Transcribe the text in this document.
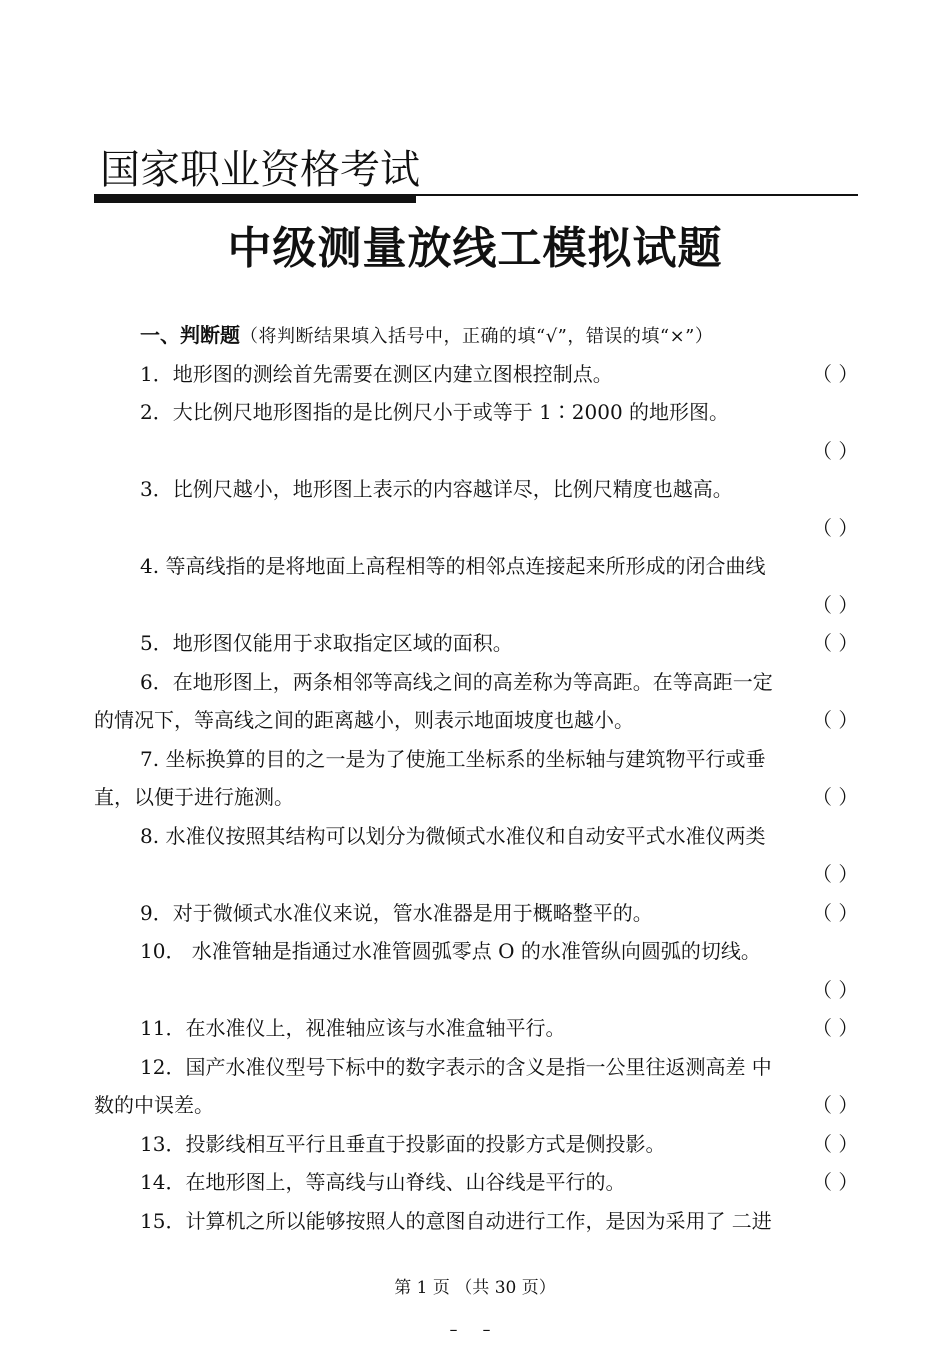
国家职业资格考试
中级测量放线工模拟试题
一、判断题（将判断结果填入括号中，正确的填“√”，错误的填“×”）
1．地形图的测绘首先需要在测区内建立图根控制点。	（ ）
2．大比例尺地形图指的是比例尺小于或等于 1∶2000 的地形图。
（ ）
3．比例尺越小，地形图上表示的内容越详尽，比例尺精度也越高。
（ ）
4. 等高线指的是将地面上高程相等的相邻点连接起来所形成的闭合曲线
（ ）
5．地形图仅能用于求取指定区域的面积。	（ ）
6．在地形图上，两条相邻等高线之间的高差称为等高距。在等高距一定
的情况下，等高线之间的距离越小，则表示地面坡度也越小。	（ ）
7. 坐标换算的目的之一是为了使施工坐标系的坐标轴与建筑物平行或垂
直，以便于进行施测。	（ ）
8. 水准仪按照其结构可以划分为微倾式水准仪和自动安平式水准仪两类
（ ）
9．对于微倾式水准仪来说，管水准器是用于概略整平的。	（ ）
10． 水准管轴是指通过水准管圆弧零点 O 的水准管纵向圆弧的切线。
（ ）
11．在水准仪上，视准轴应该与水准盒轴平行。	（ ）
12．国产水准仪型号下标中的数字表示的含义是指一公里往返测高差 中
数的中误差。	（ ）
13．投影线相互平行且垂直于投影面的投影方式是侧投影。	（ ）
14．在地形图上，等高线与山脊线、山谷线是平行的。	（ ）
15．计算机之所以能够按照人的意图自动进行工作，是因为采用了 二进
第 1 页 （共 30 页）
– –
